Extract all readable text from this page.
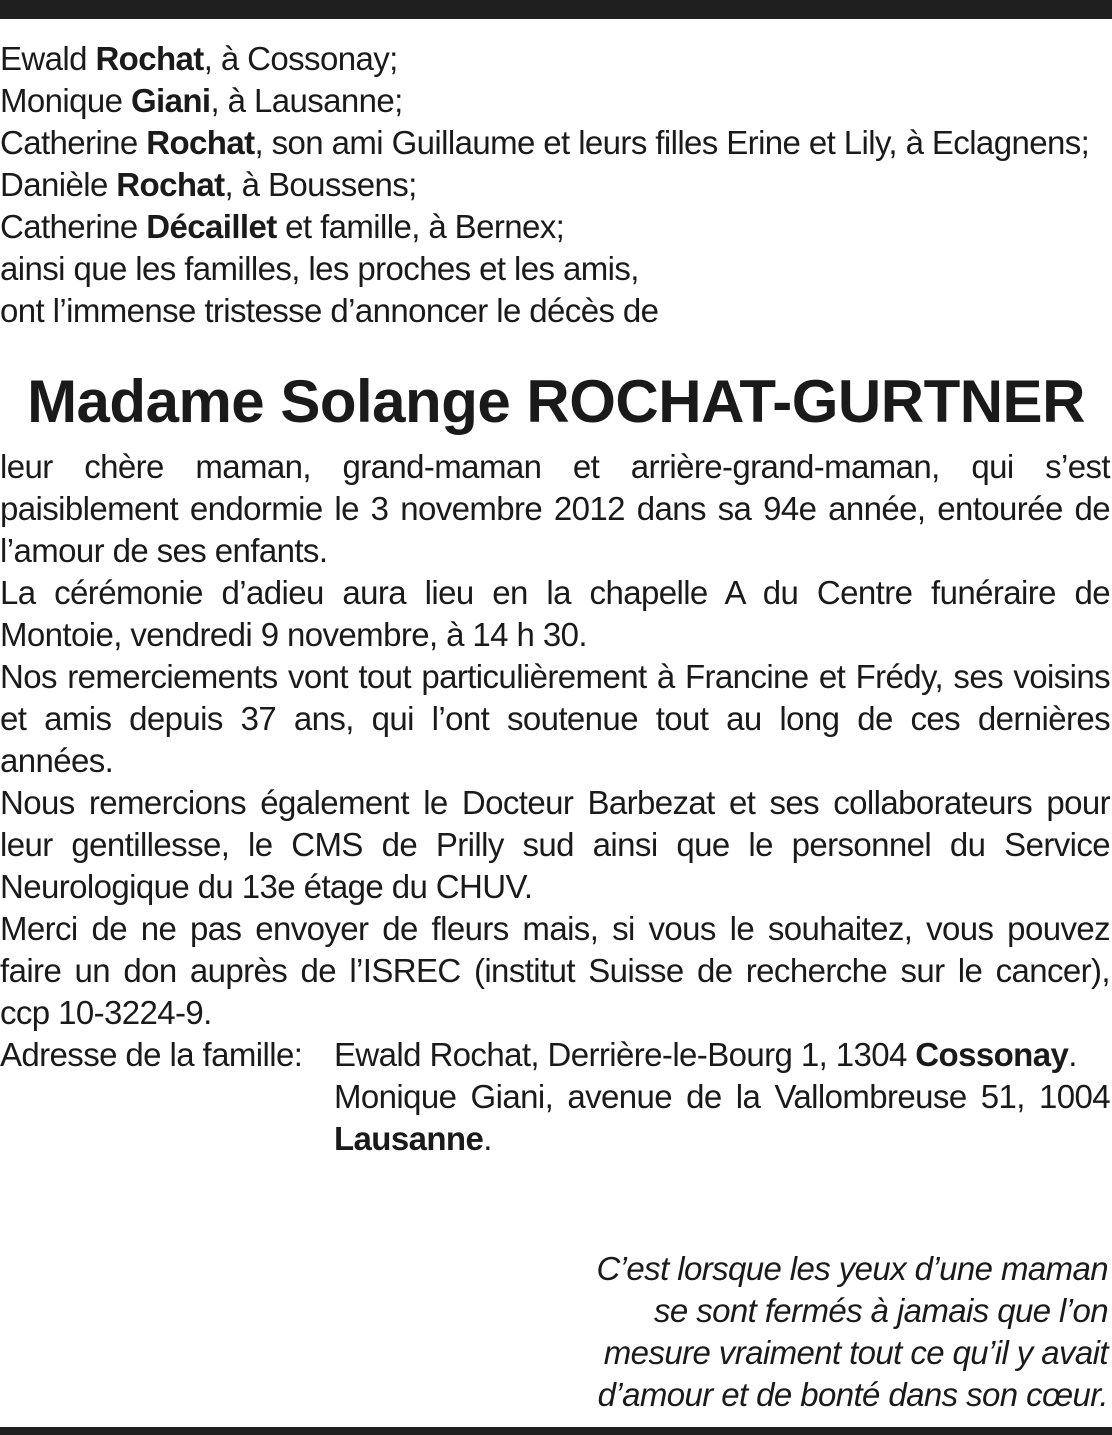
Ewald Rochat, à Cossonay;
Monique Giani, à Lausanne;
Catherine Rochat, son ami Guillaume et leurs filles Erine et Lily, à Eclagnens;
Danièle Rochat, à Boussens;
Catherine Décaillet et famille, à Bernex;
ainsi que les familles, les proches et les amis,
ont l’immense tristesse d’annoncer le décès de
Madame Solange ROCHAT-GURTNER
leur chère maman, grand-maman et arrière-grand-maman, qui s’est paisiblement endormie le 3 novembre 2012 dans sa 94e année, entourée de l’amour de ses enfants.
La cérémonie d’adieu aura lieu en la chapelle A du Centre funéraire de Montoie, vendredi 9 novembre, à 14 h 30.
Nos remerciements vont tout particulièrement à Francine et Frédy, ses voisins et amis depuis 37 ans, qui l’ont soutenue tout au long de ces dernières années.
Nous remercions également le Docteur Barbezat et ses collaborateurs pour leur gentillesse, le CMS de Prilly sud ainsi que le personnel du Service Neurologique du 13e étage du CHUV.
Merci de ne pas envoyer de fleurs mais, si vous le souhaitez, vous pouvez faire un don auprès de l’ISREC (institut Suisse de recherche sur le cancer), ccp 10-3224-9.
Adresse de la famille: Ewald Rochat, Derrière-le-Bourg 1, 1304 Cossonay.
Monique Giani, avenue de la Vallombreuse 51, 1004 Lausanne.
C’est lorsque les yeux d’une maman
se sont fermés à jamais que l’on
mesure vraiment tout ce qu’il y avait
d’amour et de bonté dans son cœur.
